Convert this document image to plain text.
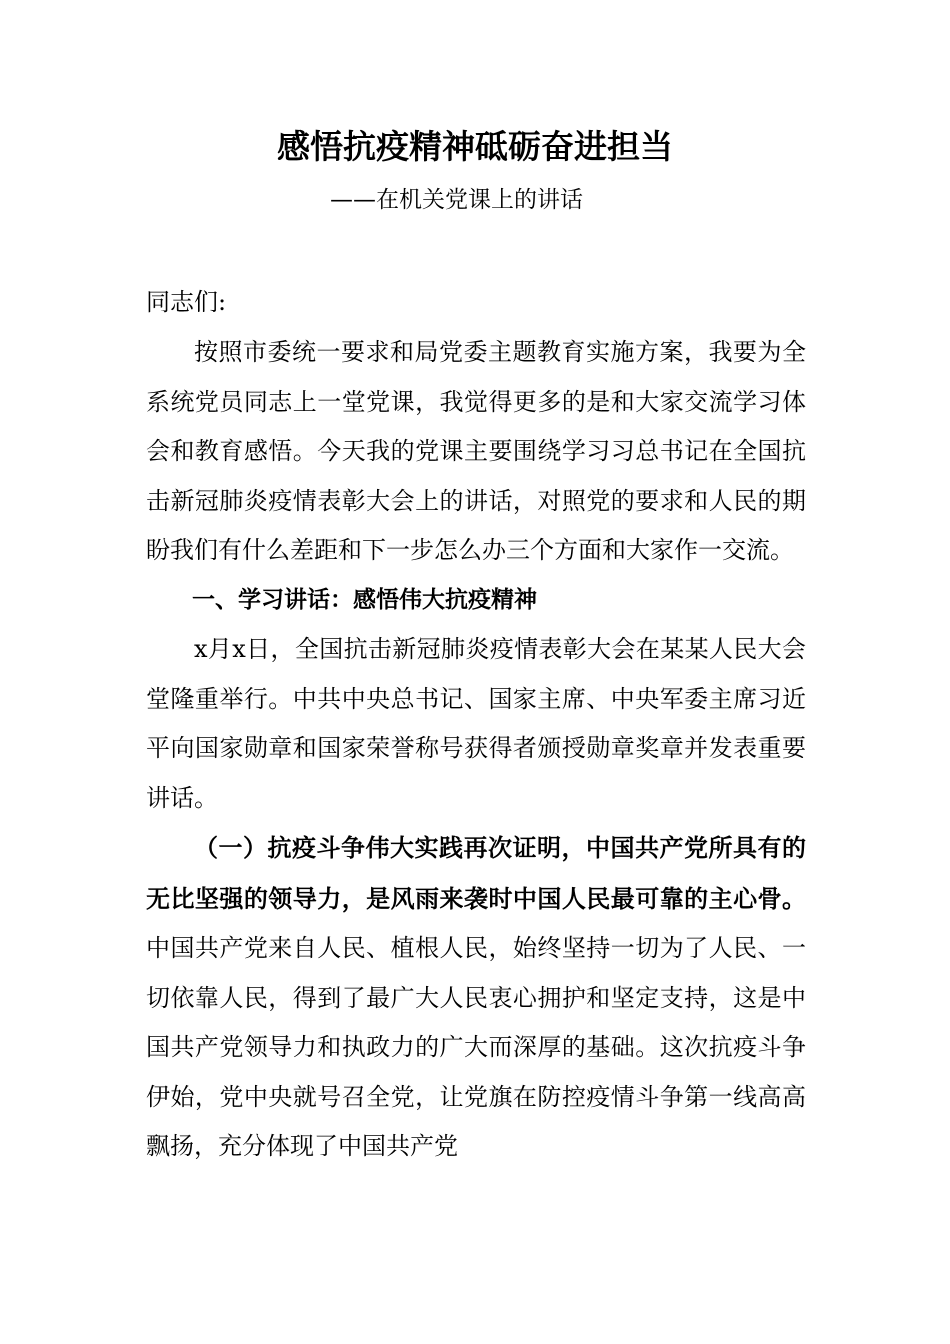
感悟抗疫精神砥砺奋进担当
——在机关党课上的讲话
同志们:

按照市委统一要求和局党委主题教育实施方案，我要为全系统党员同志上一堂党课，我觉得更多的是和大家交流学习体会和教育感悟。今天我的党课主要围绕学习习总书记在全国抗击新冠肺炎疫情表彰大会上的讲话，对照党的要求和人民的期盼我们有什么差距和下一步怎么办三个方面和大家作一交流。

一、学习讲话：感悟伟大抗疫精神

x月x日，全国抗击新冠肺炎疫情表彰大会在某某人民大会堂隆重举行。中共中央总书记、国家主席、中央军委主席习近平向国家勋章和国家荣誉称号获得者颁授勋章奖章并发表重要讲话。

（一）抗疫斗争伟大实践再次证明，中国共产党所具有的无比坚强的领导力，是风雨来袭时中国人民最可靠的主心骨。中国共产党来自人民、植根人民，始终坚持一切为了人民、一切依靠人民，得到了最广大人民衷心拥护和坚定支持，这是中国共产党领导力和执政力的广大而深厚的基础。这次抗疫斗争伊始，党中央就号召全党，让党旗在防控疫情斗争第一线高高飘扬，充分体现了中国共产党
